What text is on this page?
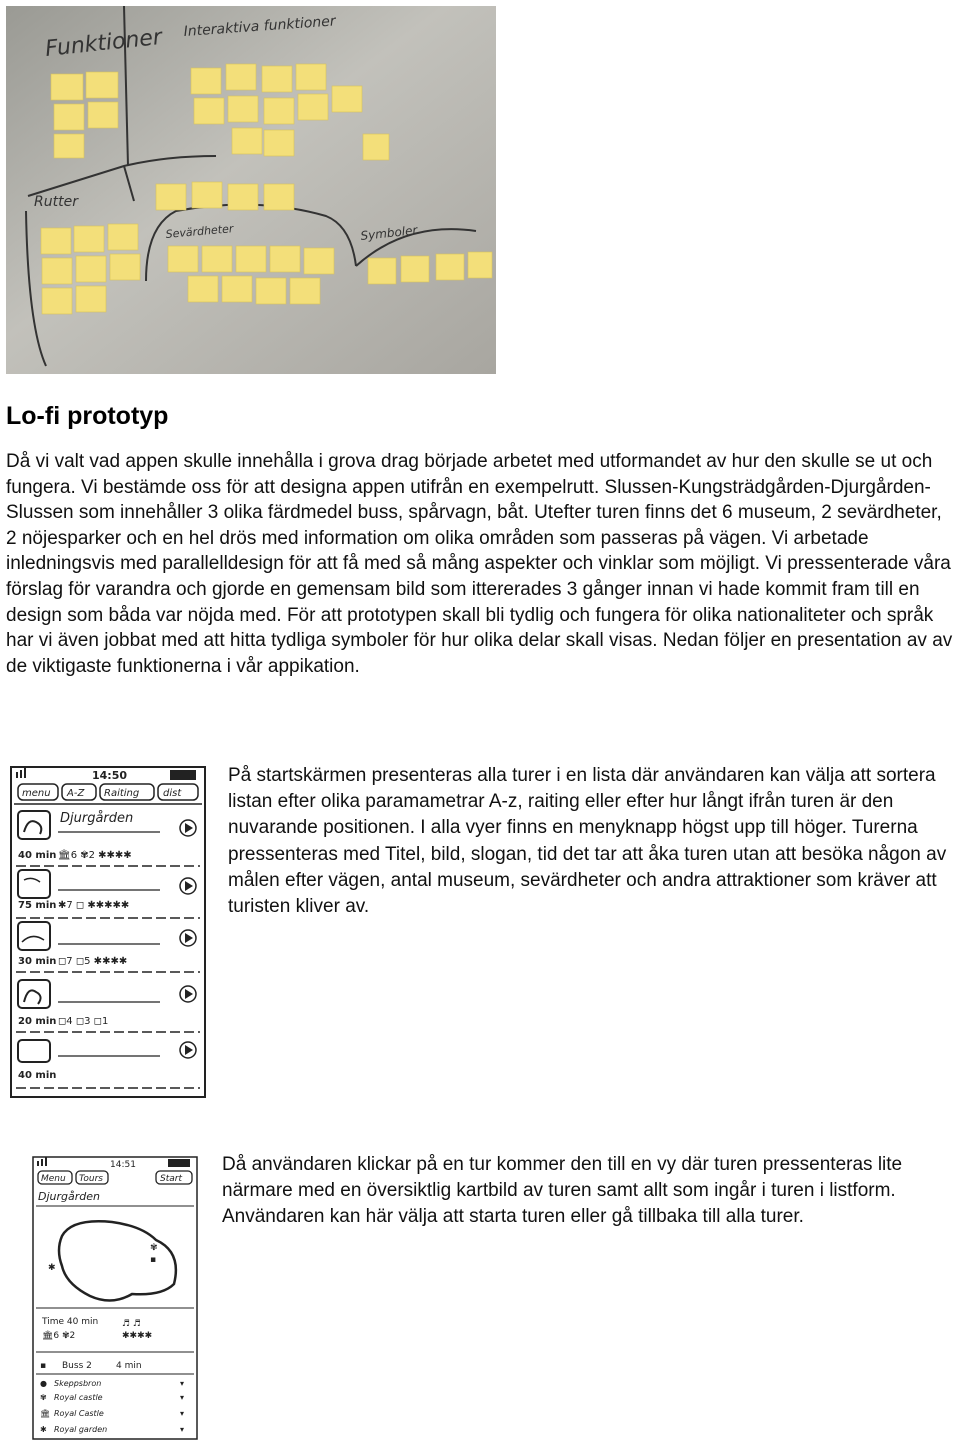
Funktioner Interaktiva funktioner
Rutter
Sevärdheter	Symboler
Lo-fi prototyp

Då vi valt vad appen skulle innehålla i grova drag började arbetet med utformandet av hur den skulle se ut och fungera. Vi bestämde oss för att designa appen utifrån en exempelrutt. Slussen-Kungsträdgården-Djurgården-Slussen som innehåller 3 olika färdmedel buss, spårvagn, båt. Utefter turen finns det 6 museum, 2 sevärdheter, 2 nöjesparker och en hel drös med information om olika områden som passeras på vägen. Vi arbetade inledningsvis med parallelldesign för att få med så mång aspekter och vinklar som möjligt. Vi pressenterade våra förslag för varandra och gjorde en gemensam bild som ittererades 3 gånger innan vi hade kommit fram till en design som båda var nöjda med. För att prototypen skall bli tydlig och fungera för olika nationaliteter och språk har vi även jobbat med att hitta tydliga symboler för hur olika delar skall visas. Nedan följer en presentation av av de viktigaste funktionerna i vår appikation.

14:50
menu A-Z Raiting dist
Djurgården
40 min 🏛6 ✾2 ✱✱✱✱
75 min ✱7 ◻ ✱✱✱✱✱
30 min ◻7 ◻5 ✱✱✱✱
20 min ◻4 ◻3 ◻1
40 min

På startskärmen presenteras alla turer i en lista där användaren kan välja att sortera listan efter olika paramametrar A-z, raiting eller efter hur långt ifrån turen är den nuvarande positionen. I alla vyer finns en menyknapp högst upp till höger. Turerna pressenteras med Titel, bild, slogan, tid det tar att åka turen utan att besöka någon av målen efter vägen, antal museum, sevärdheter och andra attraktioner som kräver att turisten kliver av.

14:51
Menu Tours	Start
Djurgården
✾
▪
✱
Time 40 min
🏛6 ✾2
♬ ♬
✱✱✱✱
▪ Buss 2	4 min
● Skeppsbron	▾
✾ Royal castle	▾
🏛 Royal Castle	▾
✱ Royal garden	▾

Då användaren klickar på en tur kommer den till en vy där turen pressenteras lite närmare med en översiktlig kartbild av turen samt allt som ingår i turen i listform. Användaren kan här välja att starta turen eller gå tillbaka till alla turer.
